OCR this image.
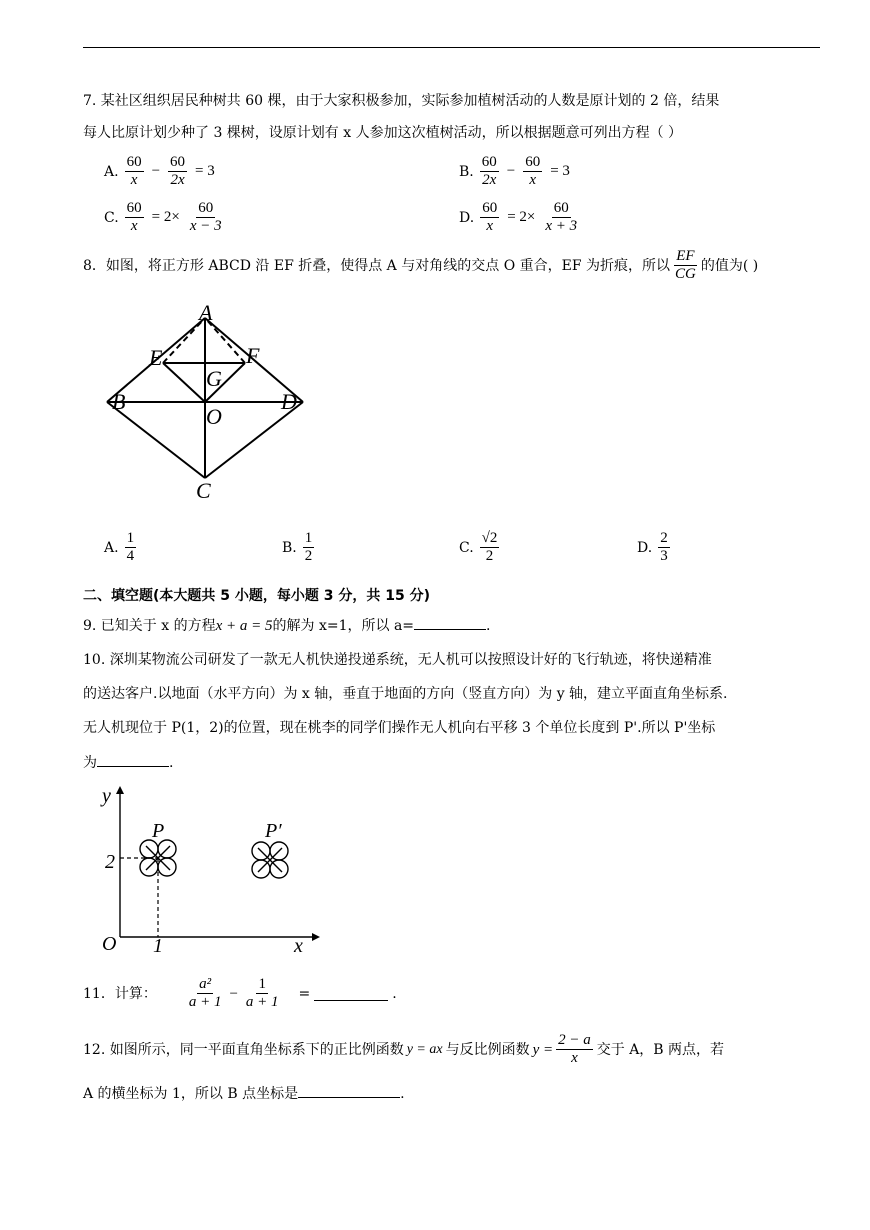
7. 某社区组织居民种树共 60 棵，由于大家积极参加，实际参加植树活动的人数是原计划的 2 倍，结果
每人比原计划少种了 3 棵树，设原计划有 x 人参加这次植树活动，所以根据题意可列出方程（ ）
A. $\frac{60}{x} - \frac{60}{2x} = 3$	B. $\frac{60}{2x} - \frac{60}{x} = 3$
C. $\frac{60}{x} = 2\times \frac{60}{x - 3}$	D. $\frac{60}{x} = 2\times \frac{60}{x + 3}$
8．如图，将正方形 ABCD 沿 EF 折叠，使得点 A 与对角线的交点 O 重合，EF 为折痕，所以 $\frac{EF}{CG}$ 的值为( )
A
B
C
D
E	F
G
O
A. $\frac{1}{4}$	B. $\frac{1}{2}$	C. $\frac{√2}{2}$	D. $\frac{2}{3}$
二、填空题(本大题共 5 小题，每小题 3 分，共 15 分)
9. 已知关于 x 的方程x + a = 5的解为 x=1，所以 a=	.
10. 深圳某物流公司研发了一款无人机快递投递系统，无人机可以按照设计好的飞行轨迹，将快递精准
的送达客户.以地面（水平方向）为 x 轴，垂直于地面的方向（竖直方向）为 y 轴，建立平面直角坐标系.
无人机现位于 P(1，2)的位置，现在桃李的同学们操作无人机向右平移 3 个单位长度到 P'.所以 P'坐标
为	.
y
x
O
2
1
P	P′
11．计算： $\frac{\text{a²}}{a + 1} - \frac{1}{a + 1}$ =	.
12. 如图所示，同一平面直角坐标系下的正比例函数 y = ax 与反比例函数 $y = \frac{2 - a}{x}$ 交于 A，B 两点，若
A 的横坐标为 1，所以 B 点坐标是	.
